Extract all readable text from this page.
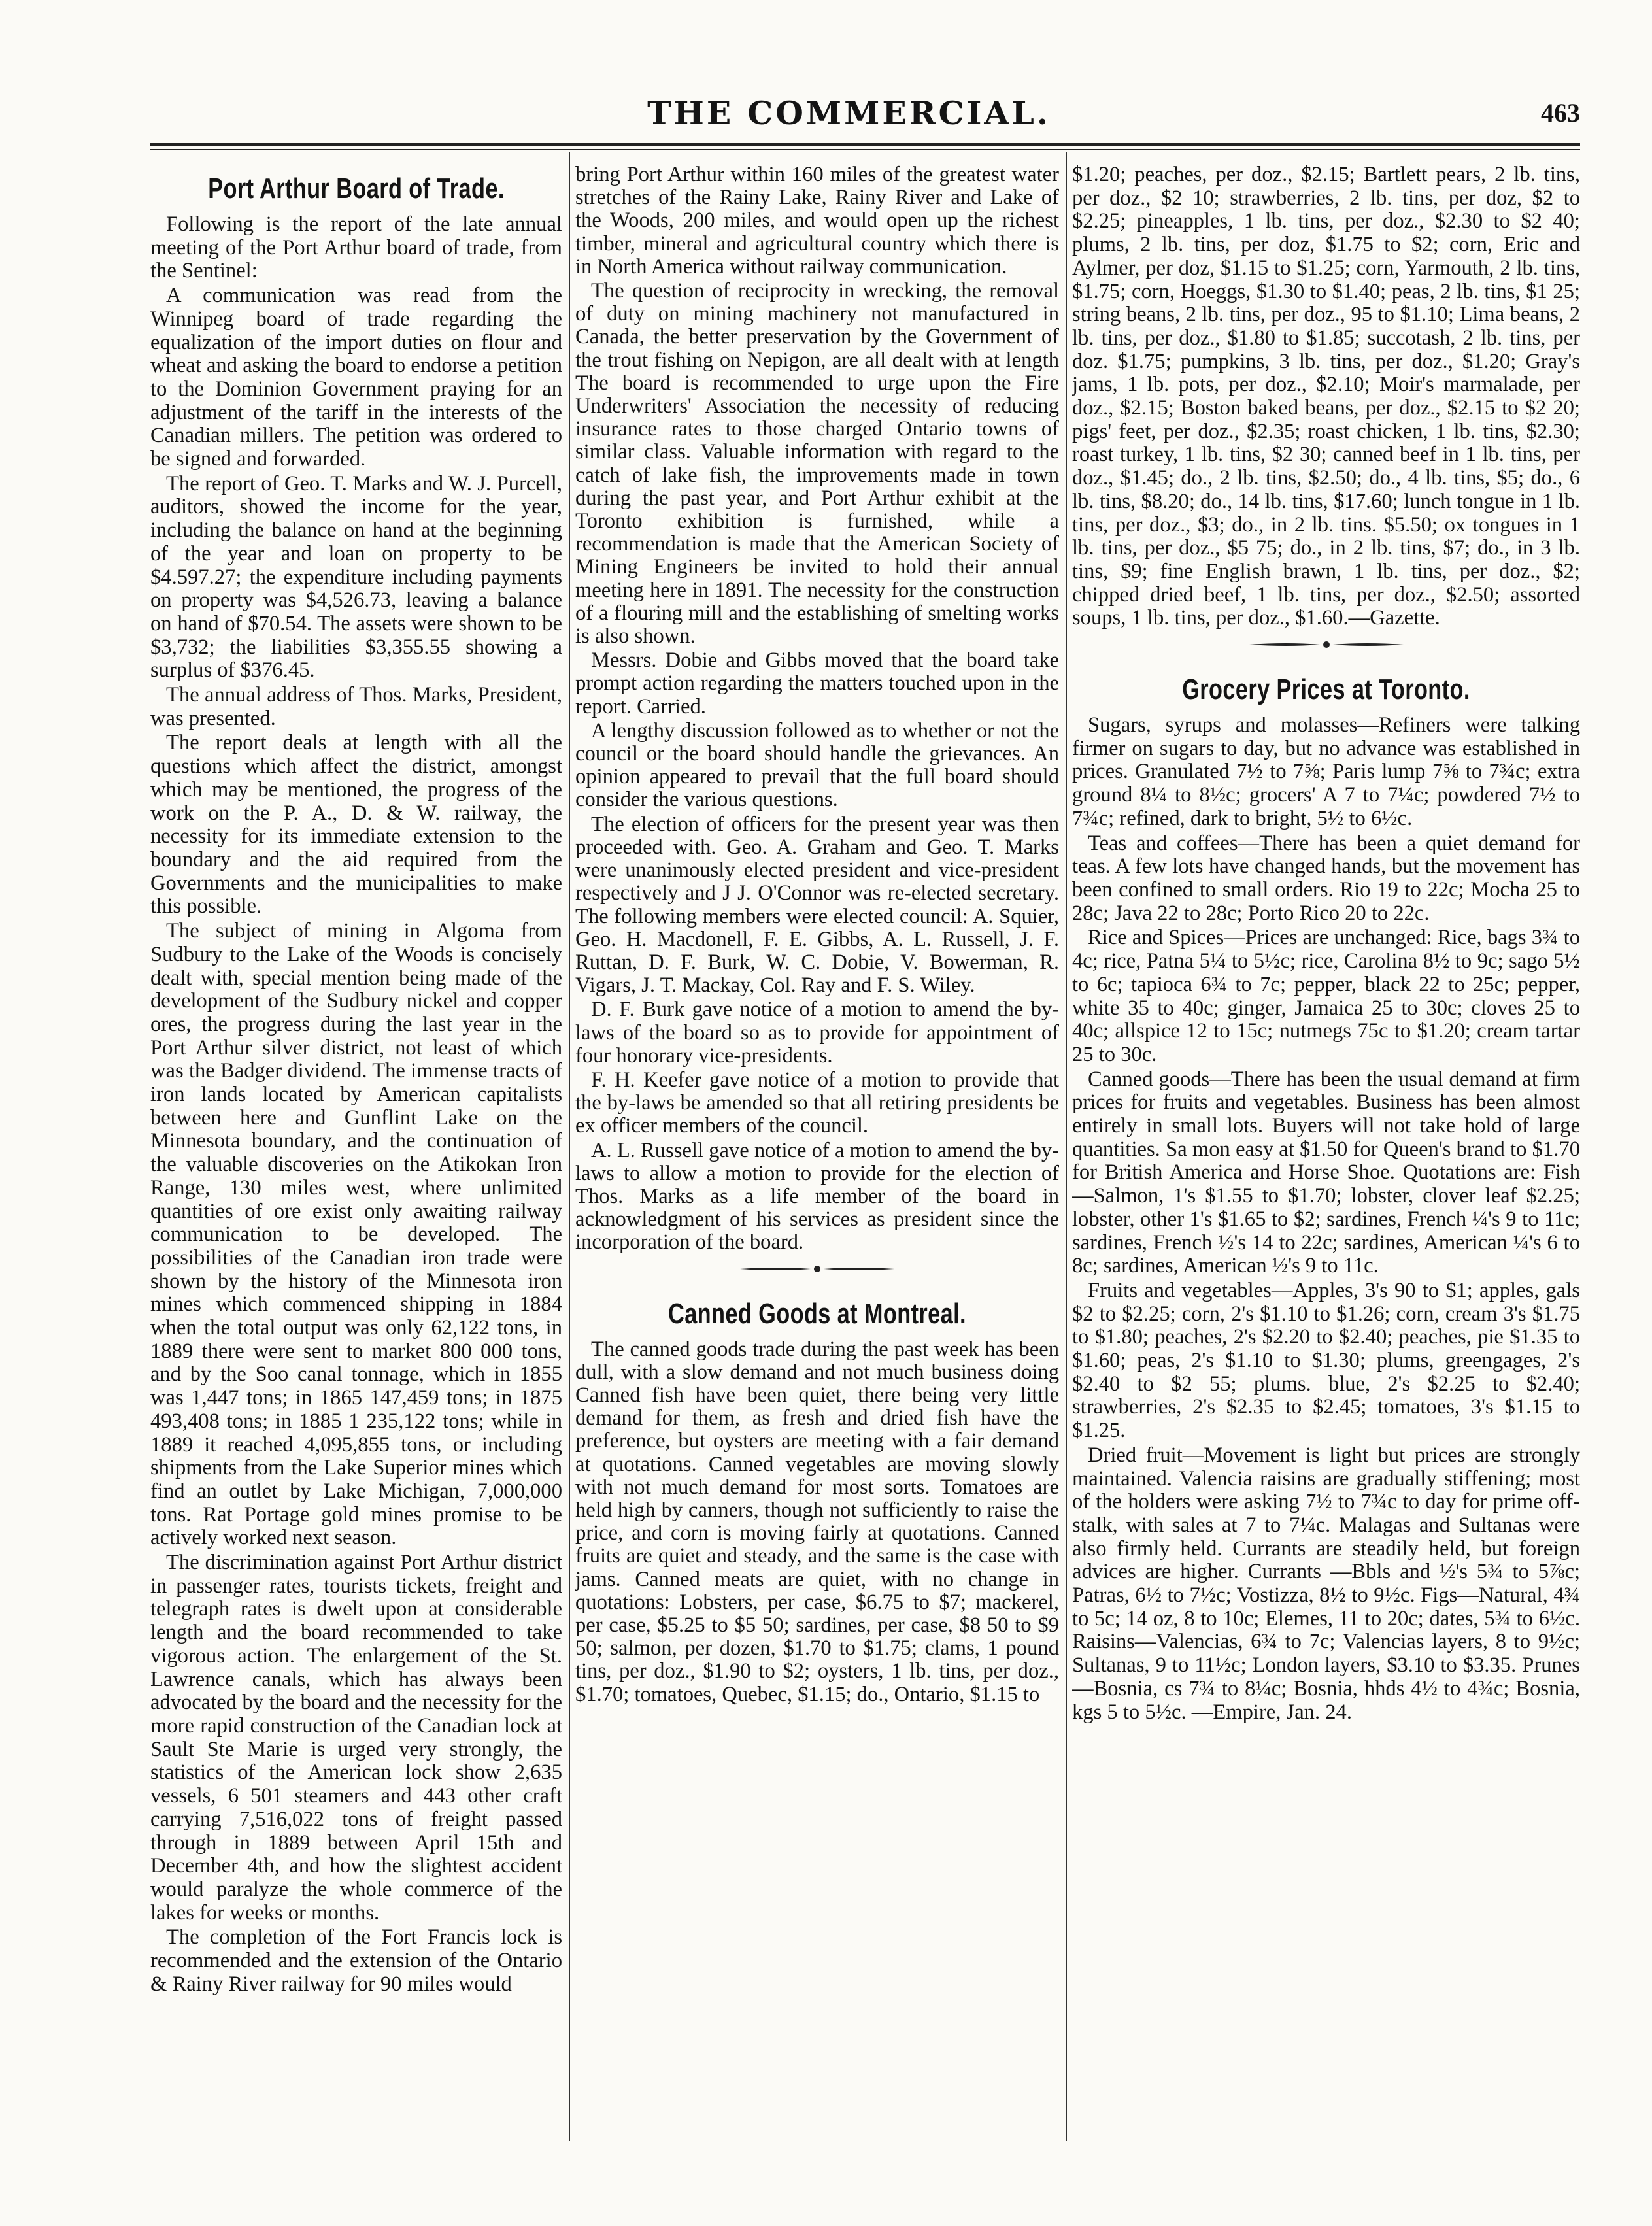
THE COMMERCIAL.	463
Port Arthur Board of Trade.

Following is the report of the late annual meeting of the Port Arthur board of trade, from the Sentinel:

A communication was read from the Winnipeg board of trade regarding the equalization of the import duties on flour and wheat and asking the board to endorse a petition to the Dominion Government praying for an adjustment of the tariff in the interests of the Canadian millers. The petition was ordered to be signed and forwarded.

The report of Geo. T. Marks and W. J. Purcell, auditors, showed the income for the year, including the balance on hand at the beginning of the year and loan on property to be $4.597.27; the expenditure including payments on property was $4,526.73, leaving a balance on hand of $70.54. The assets were shown to be $3,732; the liabilities $3,355.55 showing a surplus of $376.45.

The annual address of Thos. Marks, President, was presented.

The report deals at length with all the questions which affect the district, amongst which may be mentioned, the progress of the work on the P. A., D. & W. railway, the necessity for its immediate extension to the boundary and the aid required from the Governments and the municipalities to make this possible.

The subject of mining in Algoma from Sudbury to the Lake of the Woods is concisely dealt with, special mention being made of the development of the Sudbury nickel and copper ores, the progress during the last year in the Port Arthur silver district, not least of which was the Badger dividend. The immense tracts of iron lands located by American capitalists between here and Gunflint Lake on the Minnesota boundary, and the continuation of the valuable discoveries on the Atikokan Iron Range, 130 miles west, where unlimited quantities of ore exist only awaiting railway communication to be developed. The possibilities of the Canadian iron trade were shown by the history of the Minnesota iron mines which commenced shipping in 1884 when the total output was only 62,122 tons, in 1889 there were sent to market 800 000 tons, and by the Soo canal tonnage, which in 1855 was 1,447 tons; in 1865 147,459 tons; in 1875 493,408 tons; in 1885 1 235,122 tons; while in 1889 it reached 4,095,855 tons, or including shipments from the Lake Superior mines which find an outlet by Lake Michigan, 7,000,000 tons. Rat Portage gold mines promise to be actively worked next season.

The discrimination against Port Arthur district in passenger rates, tourists tickets, freight and telegraph rates is dwelt upon at considerable length and the board recommended to take vigorous action. The enlargement of the St. Lawrence canals, which has always been advocated by the board and the necessity for the more rapid construction of the Canadian lock at Sault Ste Marie is urged very strongly, the statistics of the American lock show 2,635 vessels, 6 501 steamers and 443 other craft carrying 7,516,022 tons of freight passed through in 1889 between April 15th and December 4th, and how the slightest accident would paralyze the whole commerce of the lakes for weeks or months.

The completion of the Fort Francis lock is recommended and the extension of the Ontario & Rainy River railway for 90 miles would

bring Port Arthur within 160 miles of the greatest water stretches of the Rainy Lake, Rainy River and Lake of the Woods, 200 miles, and would open up the richest timber, mineral and agricultural country which there is in North America without railway communication.

The question of reciprocity in wrecking, the removal of duty on mining machinery not manufactured in Canada, the better preservation by the Government of the trout fishing on Nepigon, are all dealt with at length The board is recommended to urge upon the Fire Underwriters' Association the necessity of reducing insurance rates to those charged Ontario towns of similar class. Valuable information with regard to the catch of lake fish, the improvements made in town during the past year, and Port Arthur exhibit at the Toronto exhibition is furnished, while a recommendation is made that the American Society of Mining Engineers be invited to hold their annual meeting here in 1891. The necessity for the construction of a flouring mill and the establishing of smelting works is also shown.

Messrs. Dobie and Gibbs moved that the board take prompt action regarding the matters touched upon in the report. Carried.

A lengthy discussion followed as to whether or not the council or the board should handle the grievances. An opinion appeared to prevail that the full board should consider the various questions.

The election of officers for the present year was then proceeded with. Geo. A. Graham and Geo. T. Marks were unanimously elected president and vice-president respectively and J J. O'Connor was re-elected secretary. The following members were elected council: A. Squier, Geo. H. Macdonell, F. E. Gibbs, A. L. Russell, J. F. Ruttan, D. F. Burk, W. C. Dobie, V. Bowerman, R. Vigars, J. T. Mackay, Col. Ray and F. S. Wiley.

D. F. Burk gave notice of a motion to amend the by-laws of the board so as to provide for appointment of four honorary vice-presidents.

F. H. Keefer gave notice of a motion to provide that the by-laws be amended so that all retiring presidents be ex officer members of the council.

A. L. Russell gave notice of a motion to amend the by-laws to allow a motion to provide for the election of Thos. Marks as a life member of the board in acknowledgment of his services as president since the incorporation of the board.

Canned Goods at Montreal.

The canned goods trade during the past week has been dull, with a slow demand and not much business doing Canned fish have been quiet, there being very little demand for them, as fresh and dried fish have the preference, but oysters are meeting with a fair demand at quotations. Canned vegetables are moving slowly with not much demand for most sorts. Tomatoes are held high by canners, though not sufficiently to raise the price, and corn is moving fairly at quotations. Canned fruits are quiet and steady, and the same is the case with jams. Canned meats are quiet, with no change in quotations: Lobsters, per case, $6.75 to $7; mackerel, per case, $5.25 to $5 50; sardines, per case, $8 50 to $9 50; salmon, per dozen, $1.70 to $1.75; clams, 1 pound tins, per doz., $1.90 to $2; oysters, 1 lb. tins, per doz., $1.70; tomatoes, Quebec, $1.15; do., Ontario, $1.15 to

$1.20; peaches, per doz., $2.15; Bartlett pears, 2 lb. tins, per doz., $2 10; strawberries, 2 lb. tins, per doz, $2 to $2.25; pineapples, 1 lb. tins, per doz., $2.30 to $2 40; plums, 2 lb. tins, per doz, $1.75 to $2; corn, Eric and Aylmer, per doz, $1.15 to $1.25; corn, Yarmouth, 2 lb. tins, $1.75; corn, Hoeggs, $1.30 to $1.40; peas, 2 lb. tins, $1 25; string beans, 2 lb. tins, per doz., 95 to $1.10; Lima beans, 2 lb. tins, per doz., $1.80 to $1.85; succotash, 2 lb. tins, per doz. $1.75; pumpkins, 3 lb. tins, per doz., $1.20; Gray's jams, 1 lb. pots, per doz., $2.10; Moir's marmalade, per doz., $2.15; Boston baked beans, per doz., $2.15 to $2 20; pigs' feet, per doz., $2.35; roast chicken, 1 lb. tins, $2.30; roast turkey, 1 lb. tins, $2 30; canned beef in 1 lb. tins, per doz., $1.45; do., 2 lb. tins, $2.50; do., 4 lb. tins, $5; do., 6 lb. tins, $8.20; do., 14 lb. tins, $17.60; lunch tongue in 1 lb. tins, per doz., $3; do., in 2 lb. tins. $5.50; ox tongues in 1 lb. tins, per doz., $5 75; do., in 2 lb. tins, $7; do., in 3 lb. tins, $9; fine English brawn, 1 lb. tins, per doz., $2; chipped dried beef, 1 lb. tins, per doz., $2.50; assorted soups, 1 lb. tins, per doz., $1.60.—Gazette.

Grocery Prices at Toronto.

Sugars, syrups and molasses—Refiners were talking firmer on sugars to day, but no advance was established in prices. Granulated 7½ to 7⅝; Paris lump 7⅝ to 7¾c; extra ground 8¼ to 8½c; grocers' A 7 to 7¼c; powdered 7½ to 7¾c; refined, dark to bright, 5½ to 6½c.

Teas and coffees—There has been a quiet demand for teas. A few lots have changed hands, but the movement has been confined to small orders. Rio 19 to 22c; Mocha 25 to 28c; Java 22 to 28c; Porto Rico 20 to 22c.

Rice and Spices—Prices are unchanged: Rice, bags 3¾ to 4c; rice, Patna 5¼ to 5½c; rice, Carolina 8½ to 9c; sago 5½ to 6c; tapioca 6¾ to 7c; pepper, black 22 to 25c; pepper, white 35 to 40c; ginger, Jamaica 25 to 30c; cloves 25 to 40c; allspice 12 to 15c; nutmegs 75c to $1.20; cream tartar 25 to 30c.

Canned goods—There has been the usual demand at firm prices for fruits and vegetables. Business has been almost entirely in small lots. Buyers will not take hold of large quantities. Sa mon easy at $1.50 for Queen's brand to $1.70 for British America and Horse Shoe. Quotations are: Fish—Salmon, 1's $1.55 to $1.70; lobster, clover leaf $2.25; lobster, other 1's $1.65 to $2; sardines, French ¼'s 9 to 11c; sardines, French ½'s 14 to 22c; sardines, American ¼'s 6 to 8c; sardines, American ½'s 9 to 11c.

Fruits and vegetables—Apples, 3's 90 to $1; apples, gals $2 to $2.25; corn, 2's $1.10 to $1.26; corn, cream 3's $1.75 to $1.80; peaches, 2's $2.20 to $2.40; peaches, pie $1.35 to $1.60; peas, 2's $1.10 to $1.30; plums, greengages, 2's $2.40 to $2 55; plums. blue, 2's $2.25 to $2.40; strawberries, 2's $2.35 to $2.45; tomatoes, 3's $1.15 to $1.25.

Dried fruit—Movement is light but prices are strongly maintained. Valencia raisins are gradually stiffening; most of the holders were asking 7½ to 7¾c to day for prime off-stalk, with sales at 7 to 7¼c. Malagas and Sultanas were also firmly held. Currants are steadily held, but foreign advices are higher. Currants —Bbls and ½'s 5¾ to 5⅞c; Patras, 6½ to 7½c; Vostizza, 8½ to 9½c. Figs—Natural, 4¾ to 5c; 14 oz, 8 to 10c; Elemes, 11 to 20c; dates, 5¾ to 6½c. Raisins—Valencias, 6¾ to 7c; Valencias layers, 8 to 9½c; Sultanas, 9 to 11½c; London layers, $3.10 to $3.35. Prunes—Bosnia, cs 7¾ to 8¼c; Bosnia, hhds 4½ to 4¾c; Bosnia, kgs 5 to 5½c. —Empire, Jan. 24.
